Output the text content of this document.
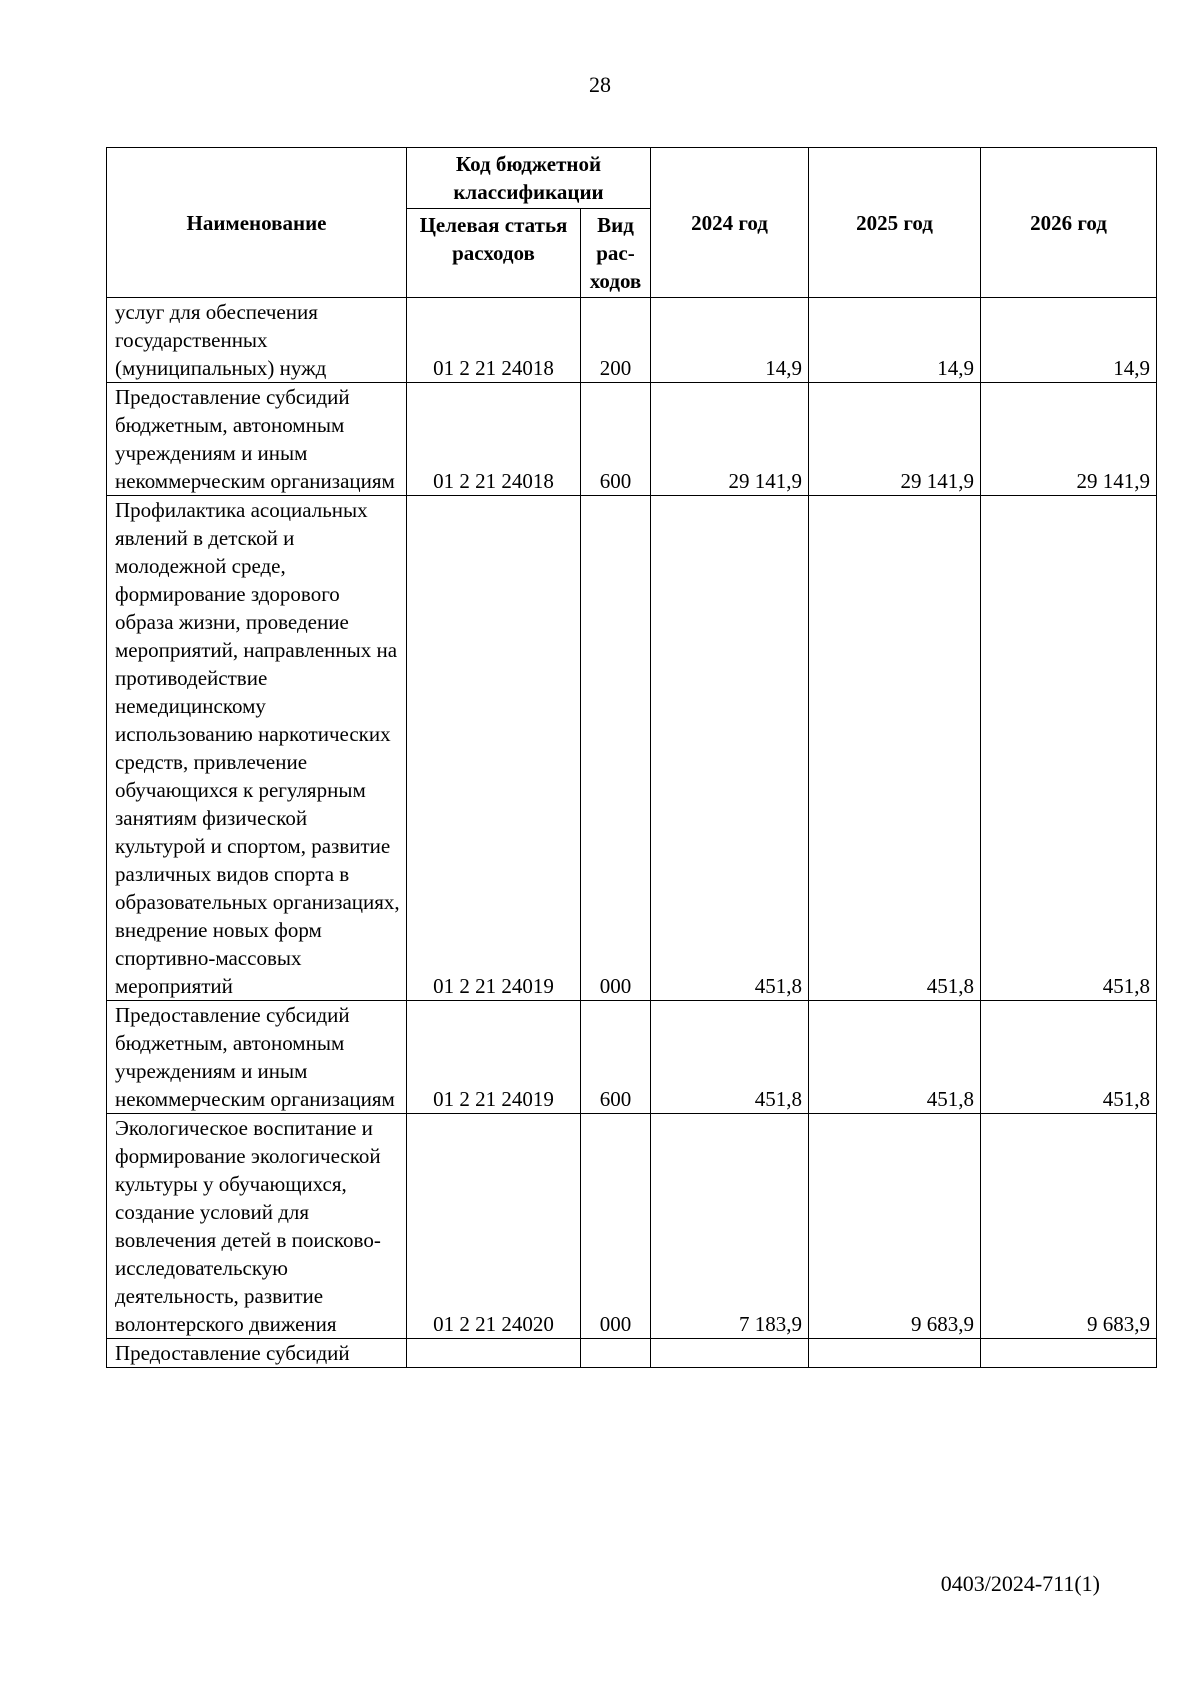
28
Наименование	Код бюджетной классификации		2024 год	2025 год	2026 год
	Целевая статья расходов	Вид рас-ходов			
услуг для обеспечения государственных (муниципальных) нужд	01 2 21 24018	200	14,9	14,9	14,9
Предоставление субсидий бюджетным, автономным учреждениям и иным некоммерческим организациям	01 2 21 24018	600	29 141,9	29 141,9	29 141,9
Профилактика асоциальных явлений в детской и молодежной среде, формирование здорового образа жизни, проведение мероприятий, направленных на противодействие немедицинскому использованию наркотических средств, привлечение обучающихся к регулярным занятиям физической культурой и спортом, развитие различных видов спорта в образовательных организациях, внедрение новых форм спортивно-массовых мероприятий	01 2 21 24019	000	451,8	451,8	451,8
Предоставление субсидий бюджетным, автономным учреждениям и иным некоммерческим организациям	01 2 21 24019	600	451,8	451,8	451,8
Экологическое воспитание и формирование экологической культуры у обучающихся, создание условий для вовлечения детей в поисково-исследовательскую деятельность, развитие волонтерского движения	01 2 21 24020	000	7 183,9	9 683,9	9 683,9
Предоставление субсидий					
0403/2024-711(1)
